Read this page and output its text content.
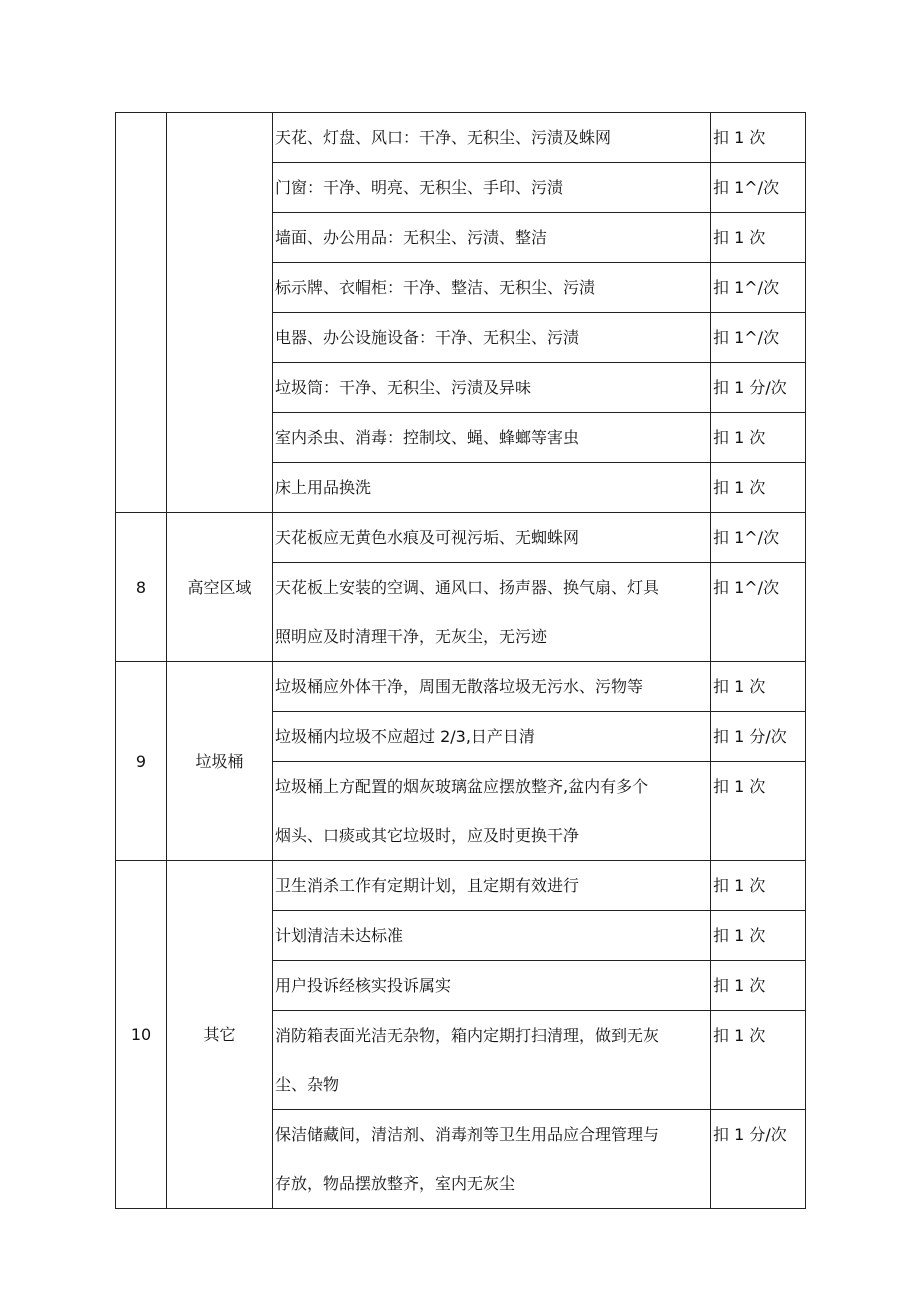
		天花、灯盘、风口：干净、无积尘、污渍及蛛网	扣 1 次

		门窗：干净、明亮、无积尘、手印、污渍	扣 1^/次

		墙面、办公用品：无积尘、污渍、整洁	扣 1 次

		标示牌、衣帽柜：干净、整洁、无积尘、污渍	扣 1^/次

		电器、办公设施设备：干净、无积尘、污渍	扣 1^/次

		垃圾筒：干净、无积尘、污渍及异味	扣 1 分/次

		室内杀虫、消毒：控制坟、蝇、蜂螂等害虫	扣 1 次

		床上用品换洗	扣 1 次
8	高空区域	天花板应无黄色水痕及可视污垢、无蜘蛛网	扣 1^/次

		天花板上安装的空调、通风口、扬声器、换气扇、灯具
照明应及时清理干净，无灰尘，无污迹	扣 1^/次
9	垃圾桶	垃圾桶应外体干净，周围无散落垃圾无污水、污物等	扣 1 次

		垃圾桶内垃圾不应超过 2/3,日产日清	扣 1 分/次

		垃圾桶上方配置的烟灰玻璃盆应摆放整齐,盆内有多个
烟头、口痰或其它垃圾时，应及时更换干净	扣 1 次
10	其它	卫生消杀工作有定期计划，且定期有效进行	扣 1 次

		计划清洁未达标准	扣 1 次

		用户投诉经核实投诉属实	扣 1 次

		消防箱表面光洁无杂物，箱内定期打扫清理，做到无灰
尘、杂物	扣 1 次

		保洁储藏间，清洁剂、消毒剂等卫生用品应合理管理与
存放，物品摆放整齐，室内无灰尘	扣 1 分/次
